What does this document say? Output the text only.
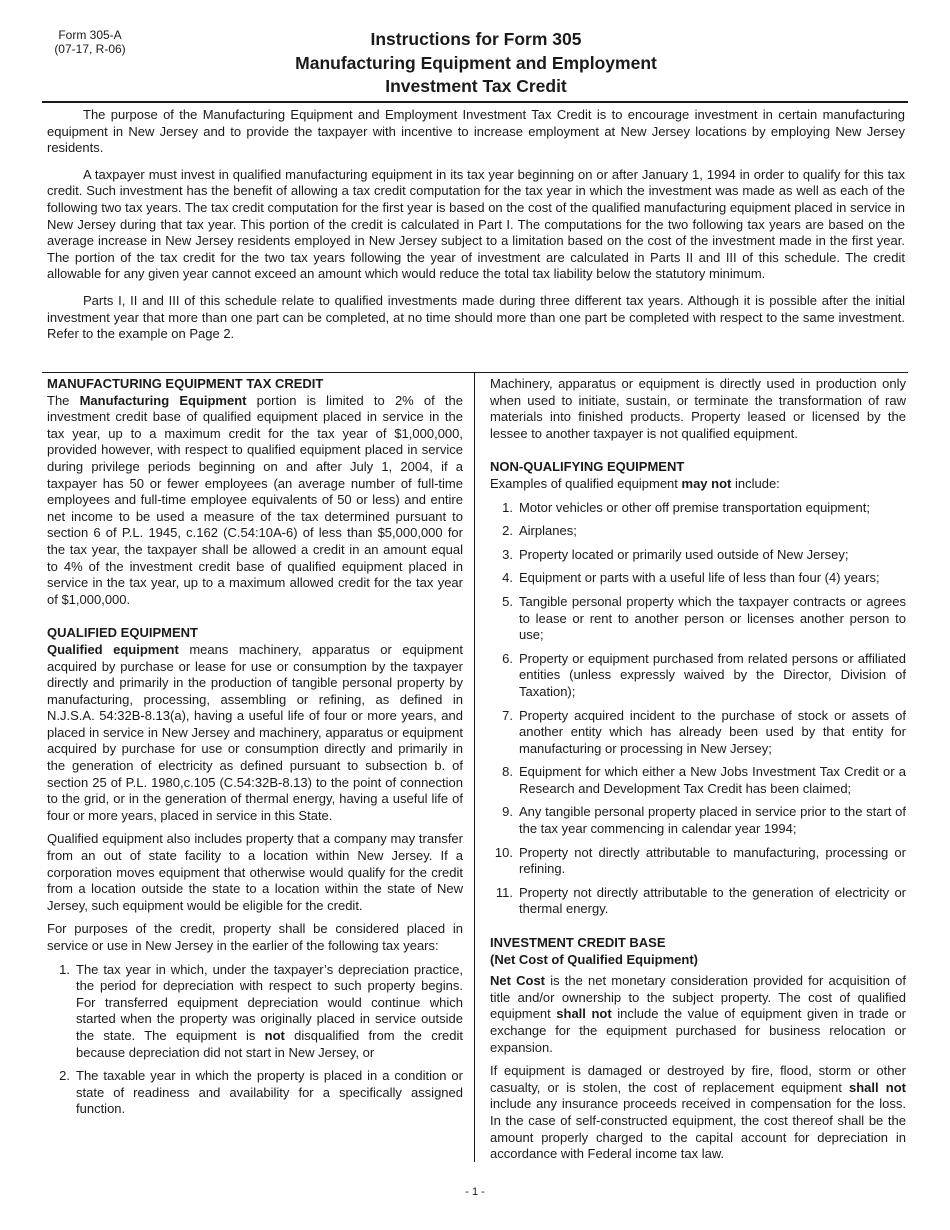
Form 305-A
(07-17, R-06)	Instructions for Form 305
Manufacturing Equipment and Employment
Investment Tax Credit

The purpose of the Manufacturing Equipment and Employment Investment Tax Credit is to encourage investment in certain manufacturing equipment in New Jersey and to provide the taxpayer with incentive to increase employment at New Jersey locations by employing New Jersey residents.

A taxpayer must invest in qualified manufacturing equipment in its tax year beginning on or after January 1, 1994 in order to qualify for this tax credit. Such investment has the benefit of allowing a tax credit computation for the tax year in which the investment was made as well as each of the following two tax years. The tax credit computation for the first year is based on the cost of the qualified manufacturing equipment placed in service in New Jersey during that tax year. This portion of the credit is calculated in Part I. The computations for the two following tax years are based on the average increase in New Jersey residents employed in New Jersey subject to a limitation based on the cost of the investment made in the first year. The portion of the tax credit for the two tax years following the year of investment are calculated in Parts II and III of this schedule. The credit allowable for any given year cannot exceed an amount which would reduce the total tax liability below the statutory minimum.

Parts I, II and III of this schedule relate to qualified investments made during three different tax years. Although it is possible after the initial investment year that more than one part can be completed, at no time should more than one part be completed with respect to the same investment. Refer to the example on Page 2.

MANUFACTURING EQUIPMENT TAX CREDIT

The Manufacturing Equipment portion is limited to 2% of the investment credit base of qualified equipment placed in service in the tax year, up to a maximum credit for the tax year of $1,000,000, provided however, with respect to qualified equipment placed in service during privilege periods beginning on and after July 1, 2004, if a taxpayer has 50 or fewer employees (an average number of full-time employees and full-time employee equivalents of 50 or less) and entire net income to be used a measure of the tax determined pursuant to section 6 of P.L. 1945, c.162 (C.54:10A-6) of less than $5,000,000 for the tax year, the taxpayer shall be allowed a credit in an amount equal to 4% of the investment credit base of qualified equipment placed in service in the tax year, up to a maximum allowed credit for the tax year of $1,000,000.

QUALIFIED EQUIPMENT

Qualified equipment means machinery, apparatus or equipment acquired by purchase or lease for use or consumption by the taxpayer directly and primarily in the production of tangible personal property by manufacturing, processing, assembling or refining, as defined in N.J.S.A. 54:32B-8.13(a), having a useful life of four or more years, and placed in service in New Jersey and machinery, apparatus or equipment acquired by purchase for use or consumption directly and primarily in the generation of electricity as defined pursuant to subsection b. of section 25 of P.L. 1980,c.105 (C.54:32B-8.13) to the point of connection to the grid, or in the generation of thermal energy, having a useful life of four or more years, placed in service in this State.

Qualified equipment also includes property that a company may transfer from an out of state facility to a location within New Jersey. If a corporation moves equipment that otherwise would qualify for the credit from a location outside the state to a location within the state of New Jersey, such equipment would be eligible for the credit.

For purposes of the credit, property shall be considered placed in service or use in New Jersey in the earlier of the following tax years:

1. The tax year in which, under the taxpayer’s depreciation practice, the period for depreciation with respect to such property begins. For transferred equipment depreciation would continue which started when the property was originally placed in service outside the state. The equipment is not disqualified from the credit because depreciation did not start in New Jersey, or
2. The taxable year in which the property is placed in a condition or state of readiness and availability for a specifically assigned function.

Machinery, apparatus or equipment is directly used in production only when used to initiate, sustain, or terminate the transformation of raw materials into finished products. Property leased or licensed by the lessee to another taxpayer is not qualified equipment.

NON-QUALIFYING EQUIPMENT

Examples of qualified equipment may not include:

1. Motor vehicles or other off premise transportation equipment;
2. Airplanes;
3. Property located or primarily used outside of New Jersey;
4. Equipment or parts with a useful life of less than four (4) years;
5. Tangible personal property which the taxpayer contracts or agrees to lease or rent to another person or licenses another person to use;
6. Property or equipment purchased from related persons or affiliated entities (unless expressly waived by the Director, Division of Taxation);
7. Property acquired incident to the purchase of stock or assets of another entity which has already been used by that entity for manufacturing or processing in New Jersey;
8. Equipment for which either a New Jobs Investment Tax Credit or a Research and Development Tax Credit has been claimed;
9. Any tangible personal property placed in service prior to the start of the tax year commencing in calendar year 1994;
10. Property not directly attributable to manufacturing, processing or refining.
11. Property not directly attributable to the generation of electricity or thermal energy.
INVESTMENT CREDIT BASE
(Net Cost of Qualified Equipment)

Net Cost is the net monetary consideration provided for acquisition of title and/or ownership to the subject property. The cost of qualified equipment shall not include the value of equipment given in trade or exchange for the equipment purchased for business relocation or expansion.

If equipment is damaged or destroyed by fire, flood, storm or other casualty, or is stolen, the cost of replacement equipment shall not include any insurance proceeds received in compensation for the loss. In the case of self-constructed equipment, the cost thereof shall be the amount properly charged to the capital account for depreciation in accordance with Federal income tax law.

- 1 -
